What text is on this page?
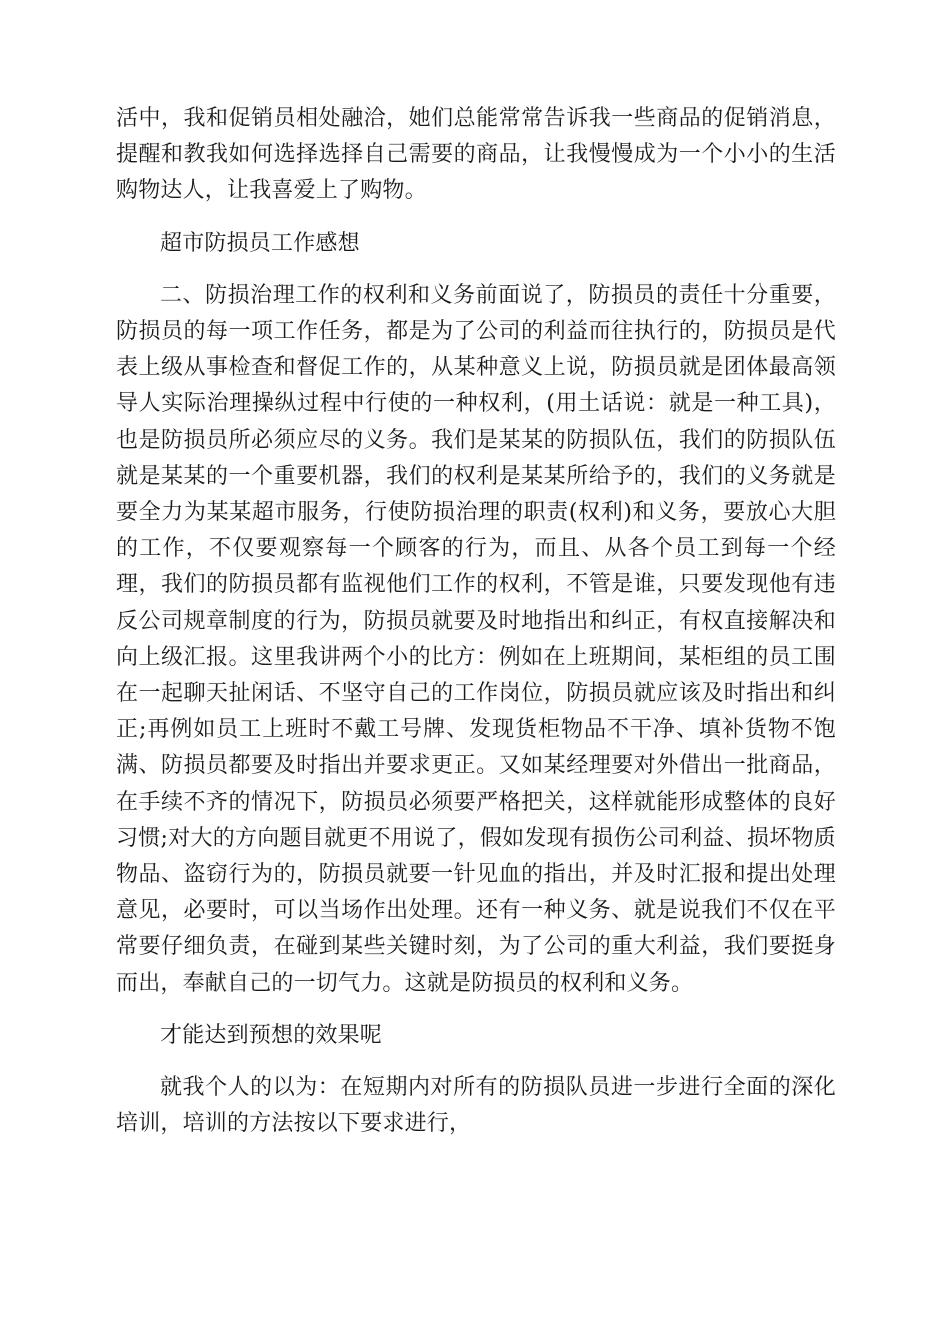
活中，我和促销员相处融洽，她们总能常常告诉我一些商品的促销消息，提醒和教我如何选择选择自己需要的商品，让我慢慢成为一个小小的生活购物达人，让我喜爱上了购物。

超市防损员工作感想

二、防损治理工作的权利和义务前面说了，防损员的责任十分重要，防损员的每一项工作任务，都是为了公司的利益而往执行的，防损员是代表上级从事检查和督促工作的，从某种意义上说，防损员就是团体最高领导人实际治理操纵过程中行使的一种权利，(用土话说：就是一种工具)，也是防损员所必须应尽的义务。我们是某某的防损队伍，我们的防损队伍就是某某的一个重要机器，我们的权利是某某所给予的，我们的义务就是要全力为某某超市服务，行使防损治理的职责(权利)和义务，要放心大胆的工作，不仅要观察每一个顾客的行为，而且、从各个员工到每一个经理，我们的防损员都有监视他们工作的权利，不管是谁，只要发现他有违反公司规章制度的行为，防损员就要及时地指出和纠正，有权直接解决和向上级汇报。这里我讲两个小的比方：例如在上班期间，某柜组的员工围在一起聊天扯闲话、不坚守自己的工作岗位，防损员就应该及时指出和纠正;再例如员工上班时不戴工号牌、发现货柜物品不干净、填补货物不饱满、防损员都要及时指出并要求更正。又如某经理要对外借出一批商品，在手续不齐的情况下，防损员必须要严格把关，这样就能形成整体的良好习惯;对大的方向题目就更不用说了，假如发现有损伤公司利益、损坏物质物品、盗窃行为的，防损员就要一针见血的指出，并及时汇报和提出处理意见，必要时，可以当场作出处理。还有一种义务、就是说我们不仅在平常要仔细负责，在碰到某些关键时刻，为了公司的重大利益，我们要挺身而出，奉献自己的一切气力。这就是防损员的权利和义务。

才能达到预想的效果呢

就我个人的以为：在短期内对所有的防损队员进一步进行全面的深化培训，培训的方法按以下要求进行，
